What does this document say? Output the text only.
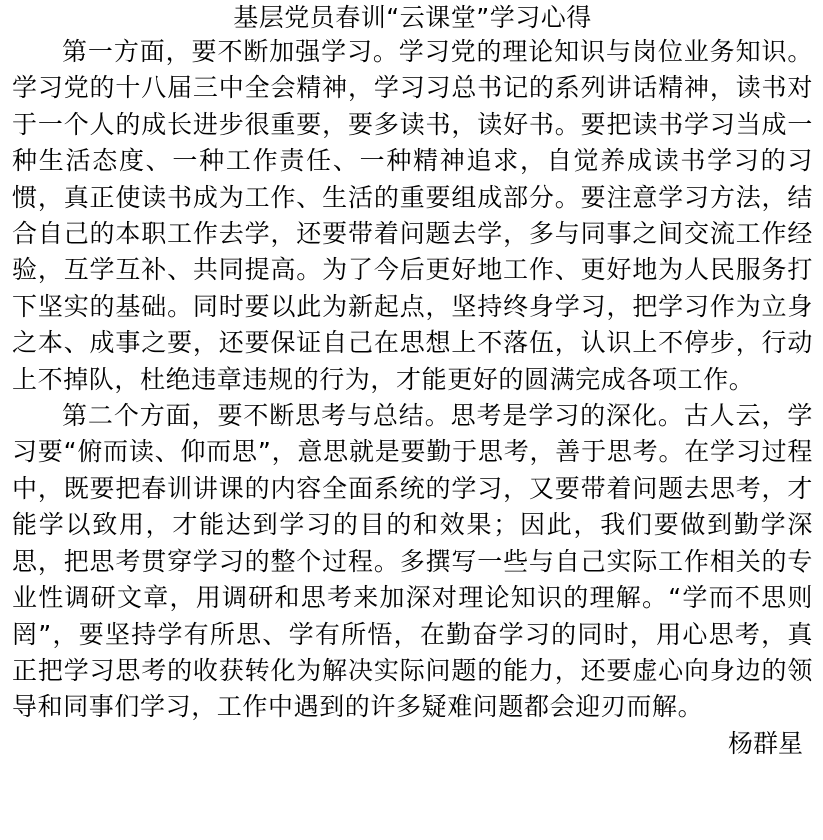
基层党员春训“云课堂”学习心得

第一方面，要不断加强学习。学习党的理论知识与岗位业务知识。学习党的十八届三中全会精神，学习习总书记的系列讲话精神，读书对于一个人的成长进步很重要，要多读书，读好书。要把读书学习当成一种生活态度、一种工作责任、一种精神追求，自觉养成读书学习的习惯，真正使读书成为工作、生活的重要组成部分。要注意学习方法，结合自己的本职工作去学，还要带着问题去学，多与同事之间交流工作经验，互学互补、共同提高。为了今后更好地工作、更好地为人民服务打下坚实的基础。同时要以此为新起点，坚持终身学习，把学习作为立身之本、成事之要，还要保证自己在思想上不落伍，认识上不停步，行动上不掉队，杜绝违章违规的行为，才能更好的圆满完成各项工作。

第二个方面，要不断思考与总结。思考是学习的深化。古人云，学习要“俯而读、仰而思”，意思就是要勤于思考，善于思考。在学习过程中，既要把春训讲课的内容全面系统的学习，又要带着问题去思考，才能学以致用，才能达到学习的目的和效果；因此，我们要做到勤学深思，把思考贯穿学习的整个过程。多撰写一些与自己实际工作相关的专业性调研文章，用调研和思考来加深对理论知识的理解。“学而不思则罔”，要坚持学有所思、学有所悟，在勤奋学习的同时，用心思考，真正把学习思考的收获转化为解决实际问题的能力，还要虚心向身边的领导和同事们学习，工作中遇到的许多疑难问题都会迎刃而解。

杨群星
